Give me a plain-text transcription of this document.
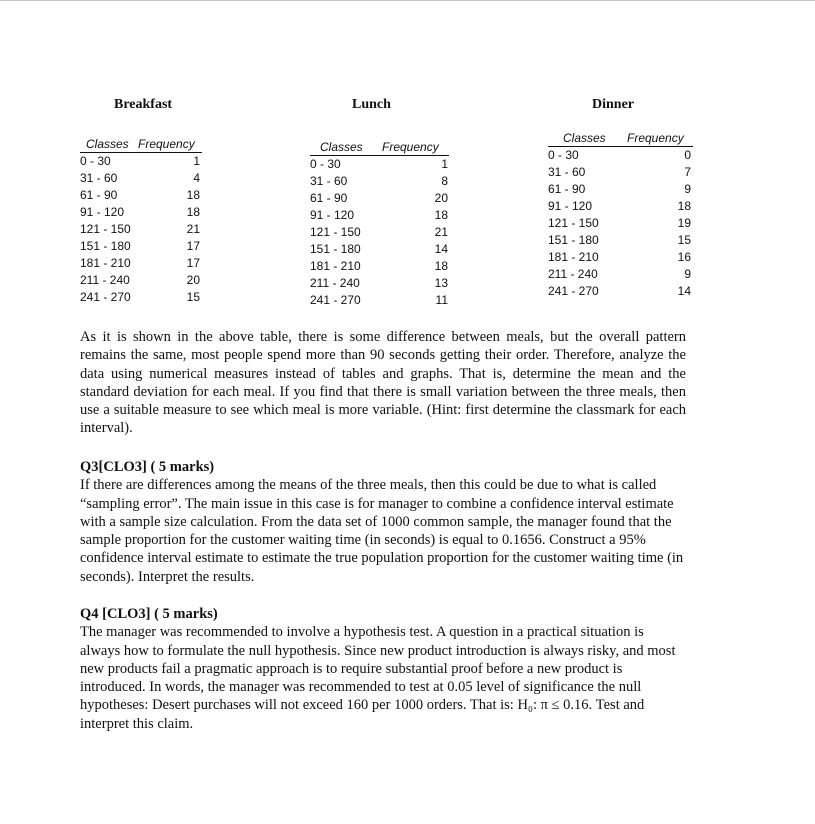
Breakfast	Lunch	Dinner
Classes Frequency
0 - 30	1
31 - 60	4
61 - 90	18
91 - 120	18
121 - 150	21
151 - 180	17
181 - 210	17
211 - 240	20
241 - 270	15
Classes Frequency
0 - 30	1
31 - 60	8
61 - 90	20
91 - 120	18
121 - 150	21
151 - 180	14
181 - 210	18
211 - 240	13
241 - 270	11
Classes Frequency
0 - 30	0
31 - 60	7
61 - 90	9
91 - 120	18
121 - 150	19
151 - 180	15
181 - 210	16
211 - 240	9
241 - 270	14

As it is shown in the above table, there is some difference between meals, but the overall pattern remains the same, most people spend more than 90 seconds getting their order. Therefore, analyze the data using numerical measures instead of tables and graphs. That is, determine the mean and the standard deviation for each meal. If you find that there is small variation between the three meals, then use a suitable measure to see which meal is more variable. (Hint: first determine the classmark for each interval).

Q3[CLO3] ( 5 marks)
If there are differences among the means of the three meals, then this could be due to what is called “sampling error”. The main issue in this case is for manager to combine a confidence interval estimate with a sample size calculation. From the data set of 1000 common sample, the manager found that the sample proportion for the customer waiting time (in seconds) is equal to 0.1656. Construct a 95% confidence interval estimate to estimate the true population proportion for the customer waiting time (in seconds). Interpret the results.
Q4 [CLO3] ( 5 marks)
The manager was recommended to involve a hypothesis test. A question in a practical situation is always how to formulate the null hypothesis. Since new product introduction is always risky, and most new products fail a pragmatic approach is to require substantial proof before a new product is introduced. In words, the manager was recommended to test at 0.05 level of significance the null hypotheses: Desert purchases will not exceed 160 per 1000 orders. That is: H₀: π ≤ 0.16. Test and interpret this claim.
